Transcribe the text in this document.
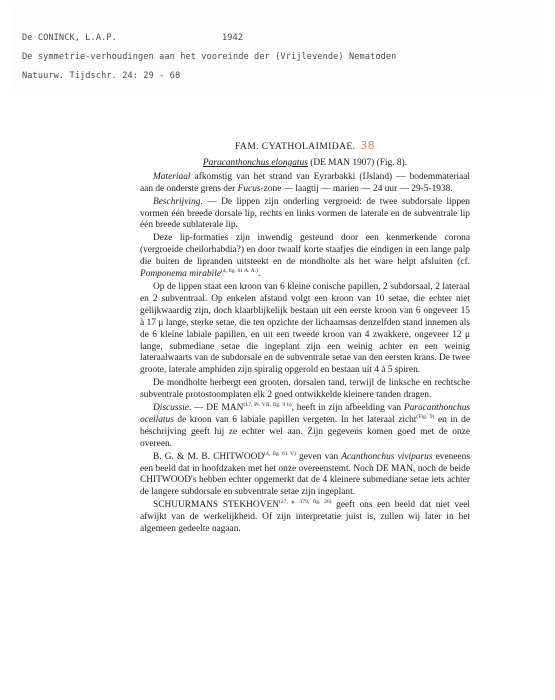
De CONINCK, L.A.P.	1942
De symmetrie-verhoudingen aan het vooreinde der (Vrijlevende) Nematoden
Natuurw. Tijdschr. 24: 29 - 68
FAM. CYATHOLAIMIDAE. 38
Paracanthonchus elongatus (DE MAN 1907) (Fig. 8).

Materiaal afkomstig van het strand van Eyrarbakki (IJsland) — bodemmateriaal aan de onderste grens der Fucus-zone — laagtij — marien — 24 uur — 29-5-1938.

Beschrijving. — De lippen zijn onderling vergroeid: de twee subdorsale lippen vormen één breede dorsale lip, rechts en links vormen de laterale en de subventrale lip één breede sublaterale lip.

Deze lip-formaties zijn inwendig gesteund door een kenmerkende corona (vergroeide cheilorhabdia?) en door twaalf korte staafjes die eindigen in een lange palp die buiten de lipranden uitsteekt en de mondholte als het ware helpt afsluiten (cf. Pomponema mirabile$^{(4, fig. 61 A. A.)}$.

Op de lippen staat een kroon van 6 kleine conische papillen, 2 subdorsaal, 2 lateraal en 2 subventraal. Op enkelen afstand volgt een kroon van 10 setae, die echter niet gelijkwaardig zijn, doch klaarblijkelijk bestaan uit een eerste kroon van 6 ongeveer 15 à 17 μ lange, sterke setae, die ten opzichte der lichaamsas denzelfden stand innemen als de 6 kleine labiale papillen, en uit een tweede kroon van 4 zwakkere, ongeveer 12 μ lange, submediane setae die ingeplant zijn een weinig achter en een weinig lateraalwaarts van de subdorsale en de subventrale setae van den eersten krans. De twee groote, laterale amphiden zijn spiralig opgerold en bestaan uit 4 à 5 spiren.

De mondholte herbergt een grooten, dorsalen tand, terwijl de linksche en rechtsche subventrale protostoomplaten elk 2 goed ontwikkelde kleinere tanden dragen.

Discussie. — DE $MAN^{(17, Pl. VII, fig. 9 b)}$, heeft in zijn afbeelding van Paracanthonchus ocellatus de kroon van 6 labiale papillen vergeten. In het lateraal zicht$^{(Fig. 9)}$ en in de beschrijving geeft hij ze echter wel aan. Zijn gegevens komen goed met de onze overeen.

B. G. & M. B. $CHITWOOD^{(4, fig. 61 V)}$ geven van Acanthonchus viviparus eveneens een beeld dat in hoofdzaken met het onze overeenstemt. Noch DE MAN, noch de beide CHITWOOD's hebben echter opgemerkt dat de 4 kleinere submediane setae iets achter de langere subdorsale en subventrale setae zijn ingeplant.

SCHUURMANS $STEKHOVEN^{(27, p. 379, fig. 26)}$ geeft ons een beeld dat niet veel afwijkt van de werkelijkheid. Of zijn interpretatie juist is, zullen wij later in het algemeen gedeelte nagaan.
